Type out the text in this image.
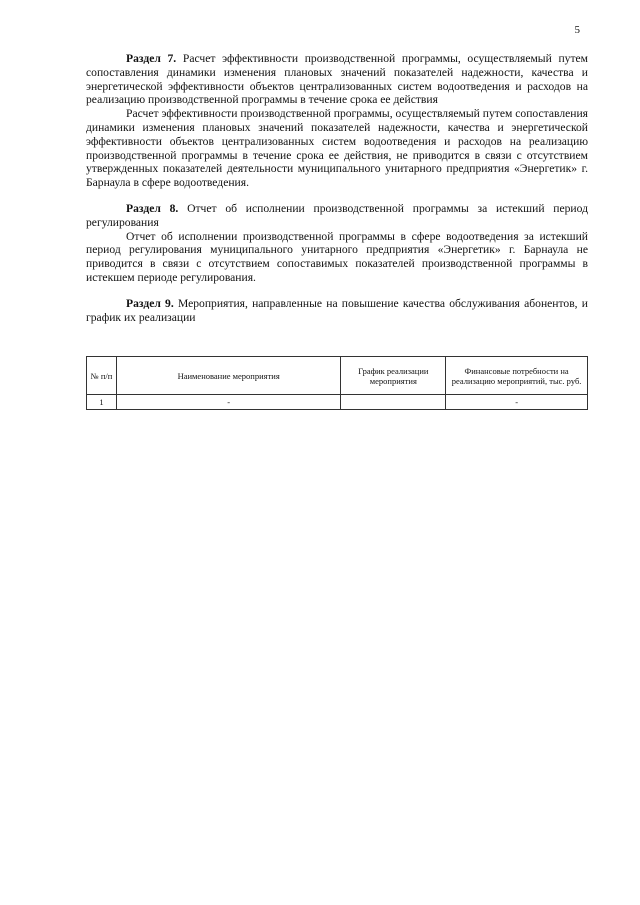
5

Раздел 7. Расчет эффективности производственной программы, осуществляемый путем сопоставления динамики изменения плановых значений показателей надежности, качества и энергетической эффективности объектов централизованных систем водоотведения и расходов на реализацию производственной программы в течение срока ее действия

Расчет эффективности производственной программы, осуществляемый путем сопоставления динамики изменения плановых значений показателей надежности, качества и энергетической эффективности объектов централизованных систем водоотведения и расходов на реализацию производственной программы в течение срока ее действия, не приводится в связи с отсутствием утвержденных показателей деятельности муниципального унитарного предприятия «Энергетик» г. Барнаула в сфере водоотведения.

Раздел 8. Отчет об исполнении производственной программы за истекший период регулирования

Отчет об исполнении производственной программы в сфере водоотведения за истекший период регулирования муниципального унитарного предприятия «Энергетик» г. Барнаула не приводится в связи с отсутствием сопоставимых показателей производственной программы в истекшем периоде регулирования.

Раздел 9. Мероприятия, направленные на повышение качества обслуживания абонентов, и график их реализации

№ п/п	Наименование мероприятия	График реализации мероприятия	Финансовые потребности на реализацию мероприятий, тыс. руб.
1	-		-
